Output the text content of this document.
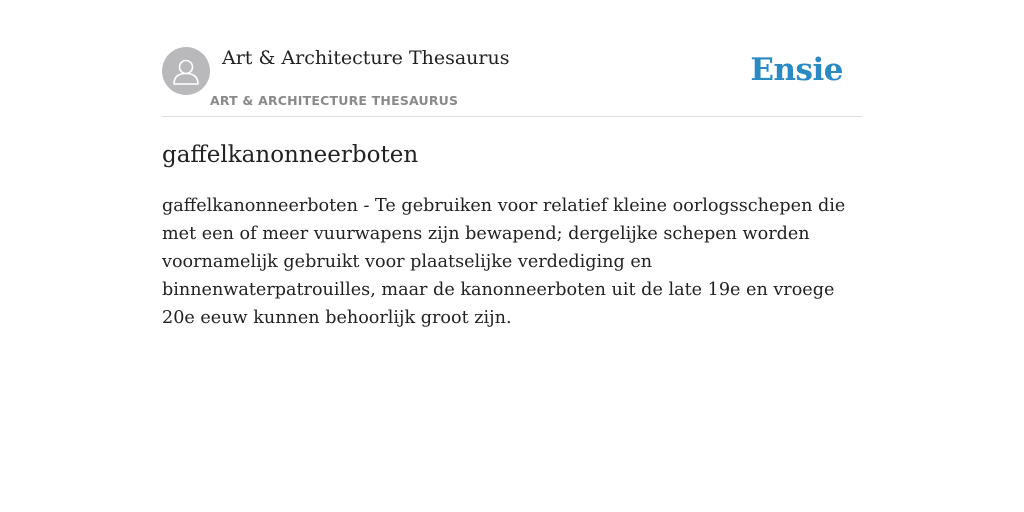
Art & Architecture Thesaurus
ART & ARCHITECTURE THESAURUS
Ensie
gaffelkanonneerboten

gaffelkanonneerboten - Te gebruiken voor relatief kleine oorlogsschepen die met een of meer vuurwapens zijn bewapend; dergelijke schepen worden voornamelijk gebruikt voor plaatselijke verdediging en binnenwaterpatrouilles, maar de kanonneerboten uit de late 19e en vroege 20e eeuw kunnen behoorlijk groot zijn.
